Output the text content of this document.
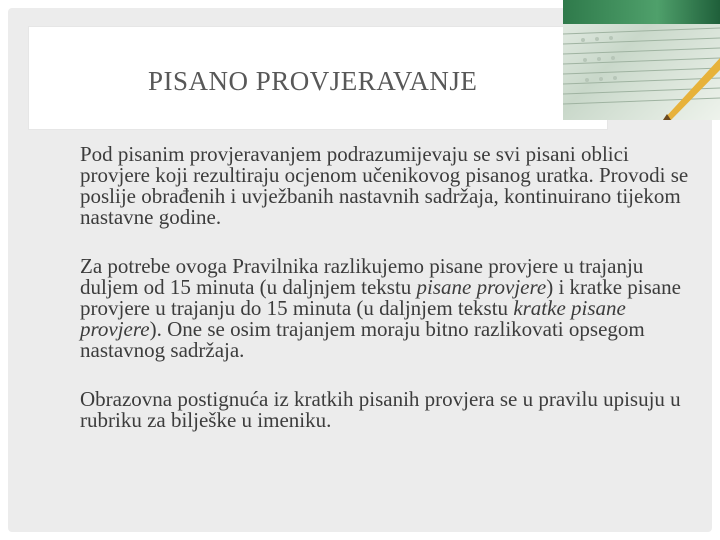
PISANO PROVJERAVANJE
Pod pisanim provjeravanjem podrazumijevaju se svi pisani oblici provjere koji rezultiraju ocjenom učenikovog pisanog uratka. Provodi se poslije obrađenih i uvježbanih nastavnih sadržaja, kontinuirano tijekom nastavne godine.
Za potrebe ovoga Pravilnika razlikujemo pisane provjere u trajanju duljem od 15 minuta (u daljnjem tekstu pisane provjere) i kratke pisane provjere u trajanju do 15 minuta (u daljnjem tekstu kratke pisane provjere). One se osim trajanjem moraju bitno razlikovati opsegom nastavnog sadržaja.
Obrazovna postignuća iz kratkih pisanih provjera se u pravilu upisuju u rubriku za bilješke u imeniku.
